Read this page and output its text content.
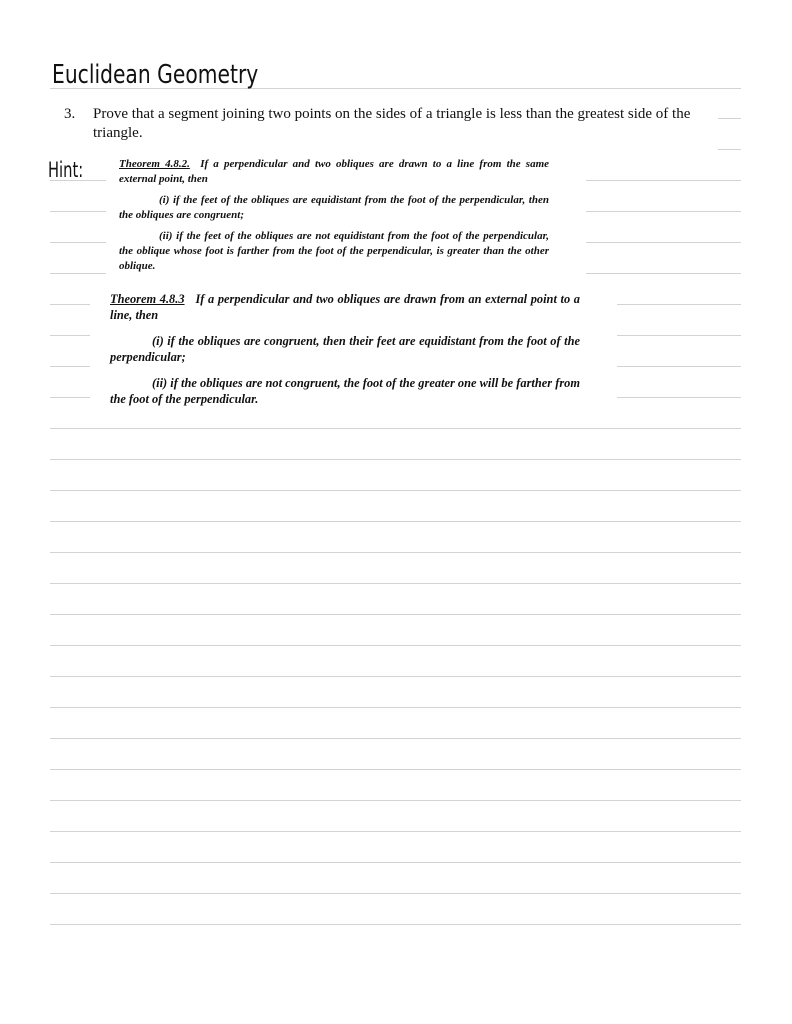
Euclidean Geometry
3. Prove that a segment joining two points on the sides of a triangle is less than the greatest side of the triangle.
Hint:	Theorem 4.8.2. If a perpendicular and two obliques are drawn to a line from the same external point, then

(i) if the feet of the obliques are equidistant from the foot of the perpendicular, then the obliques are congruent;

(ii) if the feet of the obliques are not equidistant from the foot of the perpendicular, the oblique whose foot is farther from the foot of the perpendicular, is greater than the other oblique.

Theorem 4.8.3 If a perpendicular and two obliques are drawn from an external point to a line, then

(i) if the obliques are congruent, then their feet are equidistant from the foot of the perpendicular;

(ii) if the obliques are not congruent, the foot of the greater one will be farther from the foot of the perpendicular.
